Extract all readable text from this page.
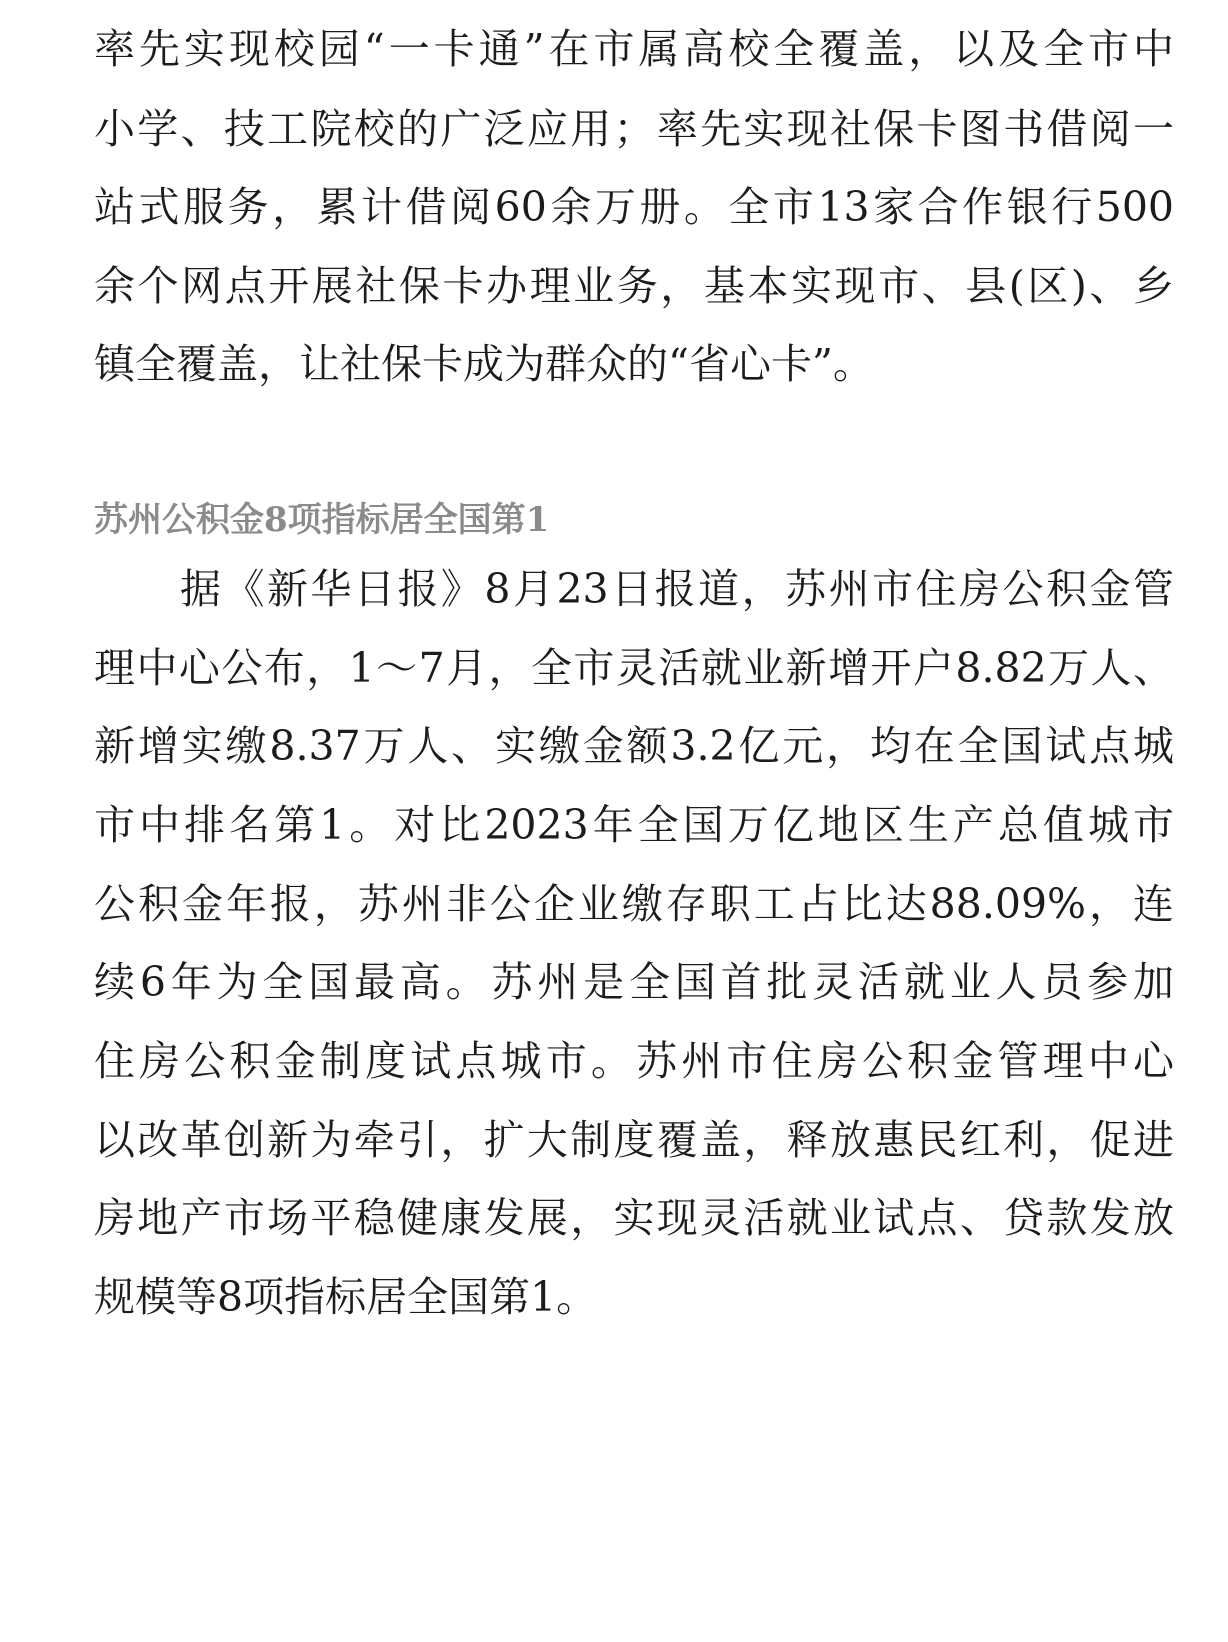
率先实现校园“一卡通”在市属高校全覆盖，以及全市中
小学、技工院校的广泛应用；率先实现社保卡图书借阅一
站式服务，累计借阅60余万册。全市13家合作银行500
余个网点开展社保卡办理业务，基本实现市、县(区)、乡
镇全覆盖，让社保卡成为群众的“省心卡”。
苏州公积金8项指标居全国第1
据《新华日报》8月23日报道，苏州市住房公积金管
理中心公布，1～7月，全市灵活就业新增开户8.82万人、
新增实缴8.37万人、实缴金额3.2亿元，均在全国试点城
市中排名第1。对比2023年全国万亿地区生产总值城市
公积金年报，苏州非公企业缴存职工占比达88.09%，连
续6年为全国最高。苏州是全国首批灵活就业人员参加
住房公积金制度试点城市。苏州市住房公积金管理中心
以改革创新为牵引，扩大制度覆盖，释放惠民红利，促进
房地产市场平稳健康发展，实现灵活就业试点、贷款发放
规模等8项指标居全国第1。
